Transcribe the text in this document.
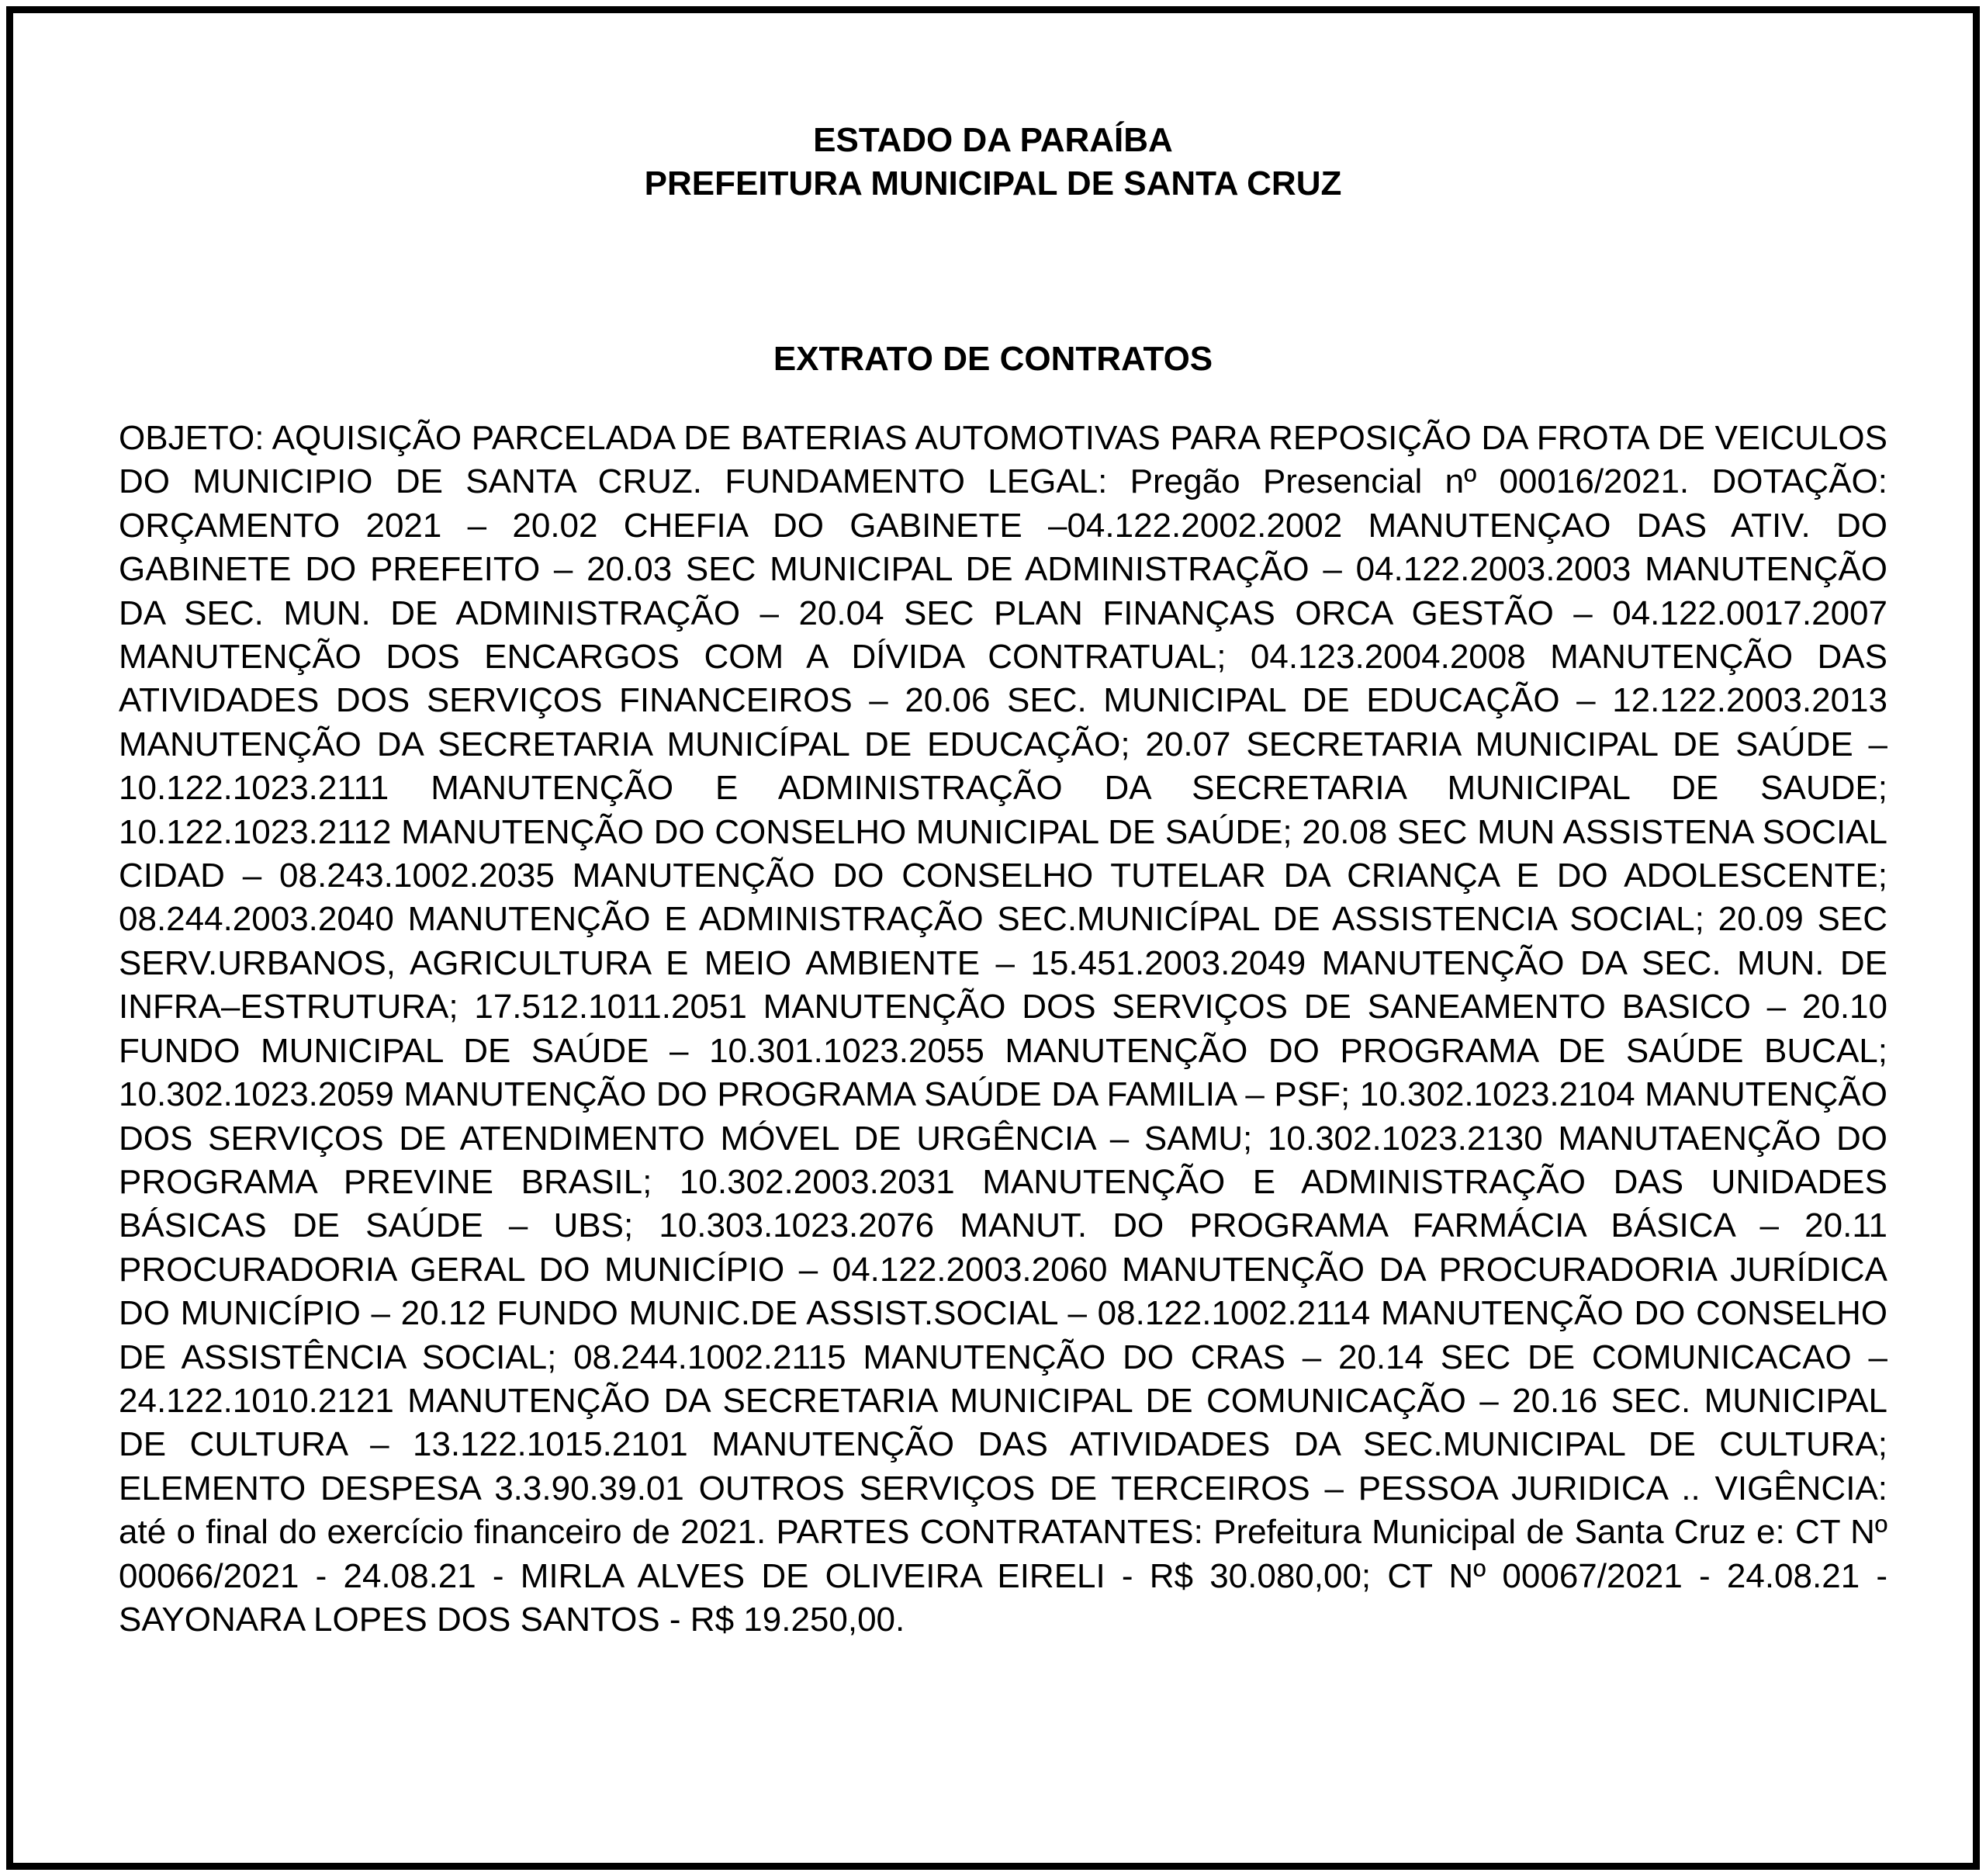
ESTADO DA PARAÍBA
PREFEITURA MUNICIPAL DE SANTA CRUZ
EXTRATO DE CONTRATOS

OBJETO: AQUISIÇÃO PARCELADA DE BATERIAS AUTOMOTIVAS PARA REPOSIÇÃO DA FROTA DE VEICULOS DO MUNICIPIO DE SANTA CRUZ. FUNDAMENTO LEGAL: Pregão Presencial nº 00016/2021. DOTAÇÃO: ORÇAMENTO 2021 – 20.02 CHEFIA DO GABINETE –04.122.2002.2002 MANUTENÇAO DAS ATIV. DO GABINETE DO PREFEITO – 20.03 SEC MUNICIPAL DE ADMINISTRAÇÃO – 04.122.2003.2003 MANUTENÇÃO DA SEC. MUN. DE ADMINISTRAÇÃO – 20.04 SEC PLAN FINANÇAS ORCA GESTÃO – 04.122.0017.2007 MANUTENÇÃO DOS ENCARGOS COM A DÍVIDA CONTRATUAL; 04.123.2004.2008 MANUTENÇÃO DAS ATIVIDADES DOS SERVIÇOS FINANCEIROS – 20.06 SEC. MUNICIPAL DE EDUCAÇÃO – 12.122.2003.2013 MANUTENÇÃO DA SECRETARIA MUNICÍPAL DE EDUCAÇÃO; 20.07 SECRETARIA MUNICIPAL DE SAÚDE – 10.122.1023.2111 MANUTENÇÃO E ADMINISTRAÇÃO DA SECRETARIA MUNICIPAL DE SAUDE; 10.122.1023.2112 MANUTENÇÃO DO CONSELHO MUNICIPAL DE SAÚDE; 20.08 SEC MUN ASSISTENA SOCIAL CIDAD – 08.243.1002.2035 MANUTENÇÃO DO CONSELHO TUTELAR DA CRIANÇA E DO ADOLESCENTE; 08.244.2003.2040 MANUTENÇÃO E ADMINISTRAÇÃO SEC.MUNICÍPAL DE ASSISTENCIA SOCIAL; 20.09 SEC SERV.URBANOS, AGRICULTURA E MEIO AMBIENTE – 15.451.2003.2049 MANUTENÇÃO DA SEC. MUN. DE INFRA–ESTRUTURA; 17.512.1011.2051 MANUTENÇÃO DOS SERVIÇOS DE SANEAMENTO BASICO – 20.10 FUNDO MUNICIPAL DE SAÚDE – 10.301.1023.2055 MANUTENÇÃO DO PROGRAMA DE SAÚDE BUCAL; 10.302.1023.2059 MANUTENÇÃO DO PROGRAMA SAÚDE DA FAMILIA – PSF; 10.302.1023.2104 MANUTENÇÃO DOS SERVIÇOS DE ATENDIMENTO MÓVEL DE URGÊNCIA – SAMU; 10.302.1023.2130 MANUTAENÇÃO DO PROGRAMA PREVINE BRASIL; 10.302.2003.2031 MANUTENÇÃO E ADMINISTRAÇÃO DAS UNIDADES BÁSICAS DE SAÚDE – UBS; 10.303.1023.2076 MANUT. DO PROGRAMA FARMÁCIA BÁSICA – 20.11 PROCURADORIA GERAL DO MUNICÍPIO – 04.122.2003.2060 MANUTENÇÃO DA PROCURADORIA JURÍDICA DO MUNICÍPIO – 20.12 FUNDO MUNIC.DE ASSIST.SOCIAL – 08.122.1002.2114 MANUTENÇÃO DO CONSELHO DE ASSISTÊNCIA SOCIAL; 08.244.1002.2115 MANUTENÇÃO DO CRAS – 20.14 SEC DE COMUNICACAO – 24.122.1010.2121 MANUTENÇÃO DA SECRETARIA MUNICIPAL DE COMUNICAÇÃO – 20.16 SEC. MUNICIPAL DE CULTURA – 13.122.1015.2101 MANUTENÇÃO DAS ATIVIDADES DA SEC.MUNICIPAL DE CULTURA; ELEMENTO DESPESA 3.3.90.39.01 OUTROS SERVIÇOS DE TERCEIROS – PESSOA JURIDICA .. VIGÊNCIA: até o final do exercício financeiro de 2021. PARTES CONTRATANTES: Prefeitura Municipal de Santa Cruz e: CT Nº 00066/2021 - 24.08.21 - MIRLA ALVES DE OLIVEIRA EIRELI - R$ 30.080,00; CT Nº 00067/2021 - 24.08.21 - SAYONARA LOPES DOS SANTOS - R$ 19.250,00.
